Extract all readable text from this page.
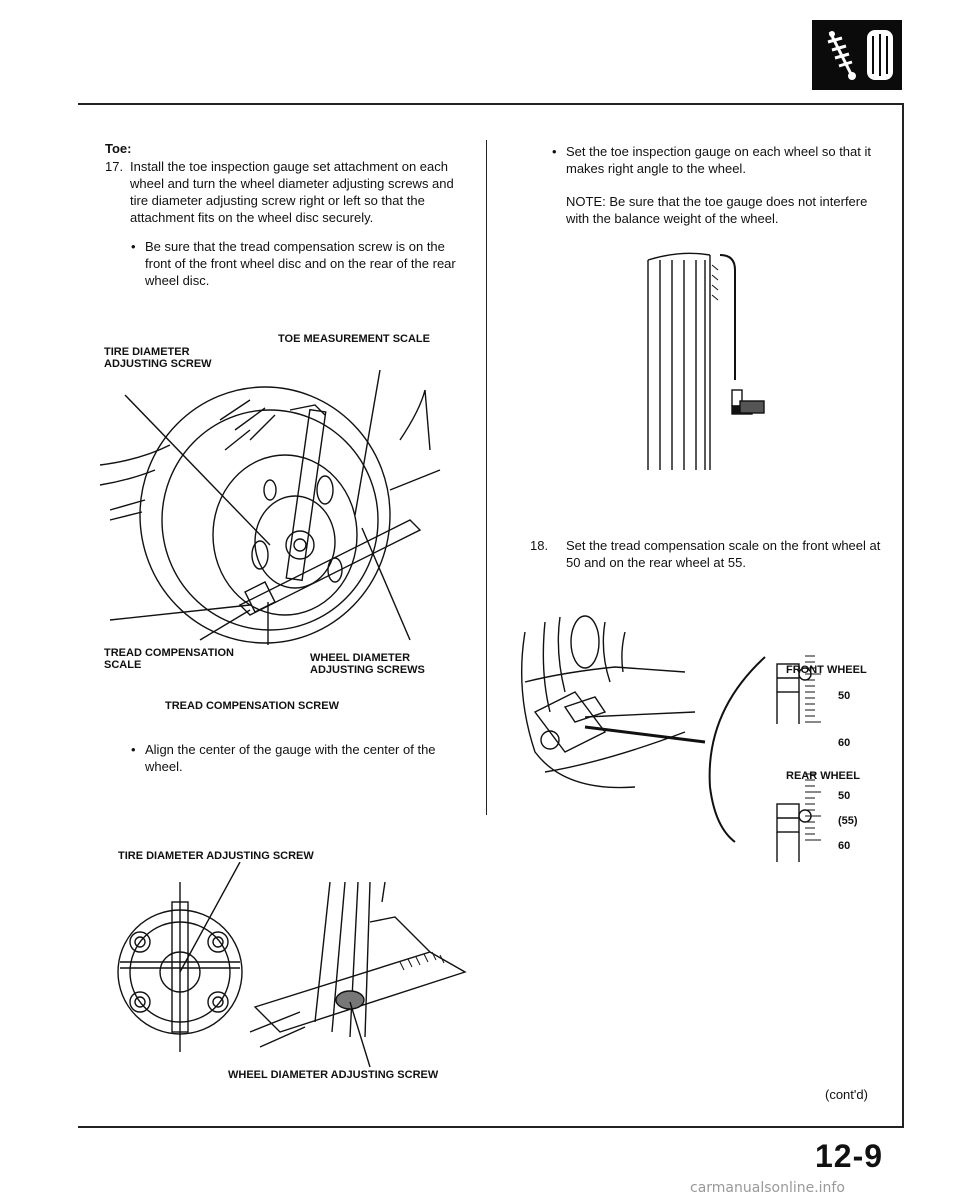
Toe:
17. Install the toe inspection gauge set attachment on each wheel and turn the wheel diameter adjusting screws and tire diameter adjusting screw right or left so that the attachment fits on the wheel disc securely.
• Be sure that the tread compensation screw is on the front of the front wheel disc and on the rear of the rear wheel disc.
TOE MEASUREMENT SCALE
TIRE DIAMETER
ADJUSTING SCREW
TREAD COMPENSATION
SCALE
WHEEL DIAMETER
ADJUSTING SCREWS
TREAD COMPENSATION SCREW
• Align the center of the gauge with the center of the wheel.
TIRE DIAMETER ADJUSTING SCREW
WHEEL DIAMETER ADJUSTING SCREW
• Set the toe inspection gauge on each wheel so that it makes right angle to the wheel.
NOTE: Be sure that the toe gauge does not interfere with the balance weight of the wheel.
18. Set the tread compensation scale on the front wheel at 50 and on the rear wheel at 55.
FRONT WHEEL
50
60
REAR WHEEL
50
(55)
60
(cont'd)
12-9
carmanualsonline.info
